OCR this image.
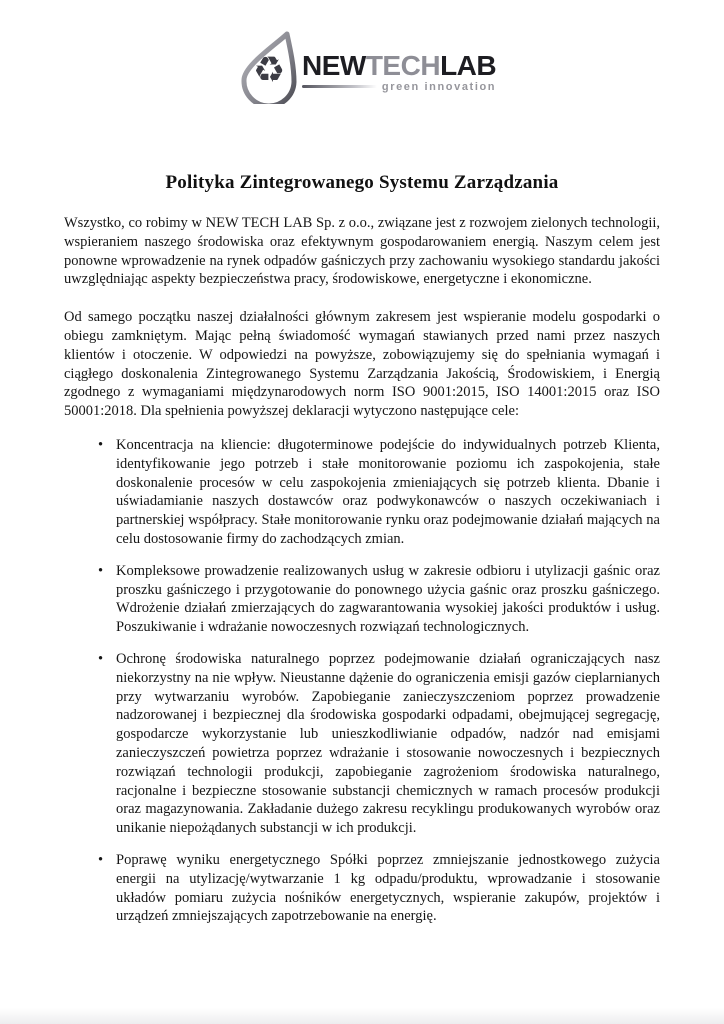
♻ NEWTECHLAB
green innovation
Polityka Zintegrowanego Systemu Zarządzania

Wszystko, co robimy w NEW TECH LAB Sp. z o.o., związane jest z rozwojem zielonych technologii, wspieraniem naszego środowiska oraz efektywnym gospodarowaniem energią. Naszym celem jest ponowne wprowadzenie na rynek odpadów gaśniczych przy zachowaniu wysokiego standardu jakości uwzględniając aspekty bezpieczeństwa pracy, środowiskowe, energetyczne i ekonomiczne.

Od samego początku naszej działalności głównym zakresem jest wspieranie modelu gospodarki o obiegu zamkniętym. Mając pełną świadomość wymagań stawianych przed nami przez naszych klientów i otoczenie. W odpowiedzi na powyższe, zobowiązujemy się do spełniania wymagań i ciągłego doskonalenia Zintegrowanego Systemu Zarządzania Jakością, Środowiskiem, i Energią zgodnego z wymaganiami międzynarodowych norm ISO 9001:2015, ISO 14001:2015 oraz ISO 50001:2018. Dla spełnienia powyższej deklaracji wytyczono następujące cele:

• Koncentracja na kliencie: długoterminowe podejście do indywidualnych potrzeb Klienta, identyfikowanie jego potrzeb i stałe monitorowanie poziomu ich zaspokojenia, stałe doskonalenie procesów w celu zaspokojenia zmieniających się potrzeb klienta. Dbanie i uświadamianie naszych dostawców oraz podwykonawców o naszych oczekiwaniach i partnerskiej współpracy. Stałe monitorowanie rynku oraz podejmowanie działań mających na celu dostosowanie firmy do zachodzących zmian.
• Kompleksowe prowadzenie realizowanych usług w zakresie odbioru i utylizacji gaśnic oraz proszku gaśniczego i przygotowanie do ponownego użycia gaśnic oraz proszku gaśniczego. Wdrożenie działań zmierzających do zagwarantowania wysokiej jakości produktów i usług. Poszukiwanie i wdrażanie nowoczesnych rozwiązań technologicznych.
• Ochronę środowiska naturalnego poprzez podejmowanie działań ograniczających nasz niekorzystny na nie wpływ. Nieustanne dążenie do ograniczenia emisji gazów cieplarnianych przy wytwarzaniu wyrobów. Zapobieganie zanieczyszczeniom poprzez prowadzenie nadzorowanej i bezpiecznej dla środowiska gospodarki odpadami, obejmującej segregację, gospodarcze wykorzystanie lub unieszkodliwianie odpadów, nadzór nad emisjami zanieczyszczeń powietrza poprzez wdrażanie i stosowanie nowoczesnych i bezpiecznych rozwiązań technologii produkcji, zapobieganie zagrożeniom środowiska naturalnego, racjonalne i bezpieczne stosowanie substancji chemicznych w ramach procesów produkcji oraz magazynowania. Zakładanie dużego zakresu recyklingu produkowanych wyrobów oraz unikanie niepożądanych substancji w ich produkcji.
• Poprawę wyniku energetycznego Spółki poprzez zmniejszanie jednostkowego zużycia energii na utylizację/wytwarzanie 1 kg odpadu/produktu, wprowadzanie i stosowanie układów pomiaru zużycia nośników energetycznych, wspieranie zakupów, projektów i urządzeń zmniejszających zapotrzebowanie na energię.
